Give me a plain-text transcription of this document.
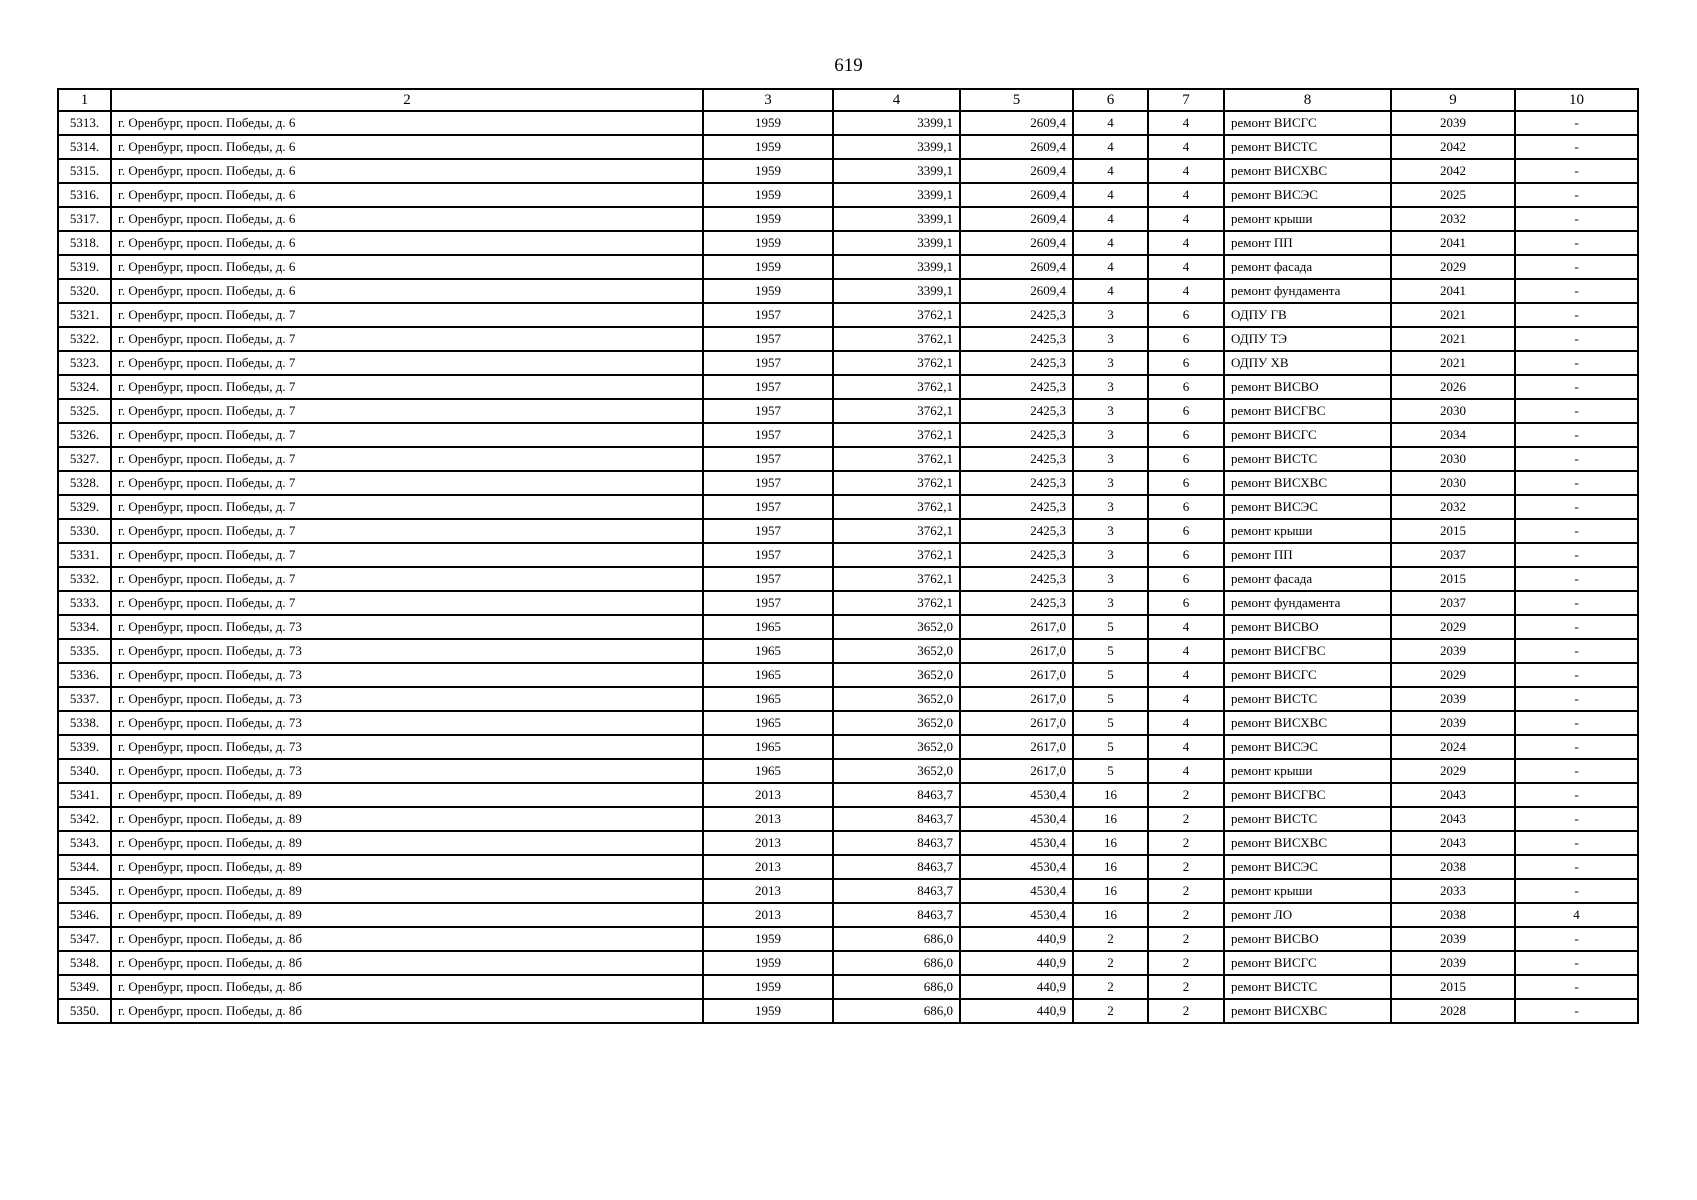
619
1	2	3	4	5	6	7	8	9	10
5313.	г. Оренбург, просп. Победы, д. 6	1959	3399,1	2609,4	4	4	ремонт ВИСГС	2039	-
5314.	г. Оренбург, просп. Победы, д. 6	1959	3399,1	2609,4	4	4	ремонт ВИСТС	2042	-
5315.	г. Оренбург, просп. Победы, д. 6	1959	3399,1	2609,4	4	4	ремонт ВИСХВС	2042	-
5316.	г. Оренбург, просп. Победы, д. 6	1959	3399,1	2609,4	4	4	ремонт ВИСЭС	2025	-
5317.	г. Оренбург, просп. Победы, д. 6	1959	3399,1	2609,4	4	4	ремонт крыши	2032	-
5318.	г. Оренбург, просп. Победы, д. 6	1959	3399,1	2609,4	4	4	ремонт ПП	2041	-
5319.	г. Оренбург, просп. Победы, д. 6	1959	3399,1	2609,4	4	4	ремонт фасада	2029	-
5320.	г. Оренбург, просп. Победы, д. 6	1959	3399,1	2609,4	4	4	ремонт фундамента	2041	-
5321.	г. Оренбург, просп. Победы, д. 7	1957	3762,1	2425,3	3	6	ОДПУ ГВ	2021	-
5322.	г. Оренбург, просп. Победы, д. 7	1957	3762,1	2425,3	3	6	ОДПУ ТЭ	2021	-
5323.	г. Оренбург, просп. Победы, д. 7	1957	3762,1	2425,3	3	6	ОДПУ ХВ	2021	-
5324.	г. Оренбург, просп. Победы, д. 7	1957	3762,1	2425,3	3	6	ремонт ВИСВО	2026	-
5325.	г. Оренбург, просп. Победы, д. 7	1957	3762,1	2425,3	3	6	ремонт ВИСГВС	2030	-
5326.	г. Оренбург, просп. Победы, д. 7	1957	3762,1	2425,3	3	6	ремонт ВИСГС	2034	-
5327.	г. Оренбург, просп. Победы, д. 7	1957	3762,1	2425,3	3	6	ремонт ВИСТС	2030	-
5328.	г. Оренбург, просп. Победы, д. 7	1957	3762,1	2425,3	3	6	ремонт ВИСХВС	2030	-
5329.	г. Оренбург, просп. Победы, д. 7	1957	3762,1	2425,3	3	6	ремонт ВИСЭС	2032	-
5330.	г. Оренбург, просп. Победы, д. 7	1957	3762,1	2425,3	3	6	ремонт крыши	2015	-
5331.	г. Оренбург, просп. Победы, д. 7	1957	3762,1	2425,3	3	6	ремонт ПП	2037	-
5332.	г. Оренбург, просп. Победы, д. 7	1957	3762,1	2425,3	3	6	ремонт фасада	2015	-
5333.	г. Оренбург, просп. Победы, д. 7	1957	3762,1	2425,3	3	6	ремонт фундамента	2037	-
5334.	г. Оренбург, просп. Победы, д. 73	1965	3652,0	2617,0	5	4	ремонт ВИСВО	2029	-
5335.	г. Оренбург, просп. Победы, д. 73	1965	3652,0	2617,0	5	4	ремонт ВИСГВС	2039	-
5336.	г. Оренбург, просп. Победы, д. 73	1965	3652,0	2617,0	5	4	ремонт ВИСГС	2029	-
5337.	г. Оренбург, просп. Победы, д. 73	1965	3652,0	2617,0	5	4	ремонт ВИСТС	2039	-
5338.	г. Оренбург, просп. Победы, д. 73	1965	3652,0	2617,0	5	4	ремонт ВИСХВС	2039	-
5339.	г. Оренбург, просп. Победы, д. 73	1965	3652,0	2617,0	5	4	ремонт ВИСЭС	2024	-
5340.	г. Оренбург, просп. Победы, д. 73	1965	3652,0	2617,0	5	4	ремонт крыши	2029	-
5341.	г. Оренбург, просп. Победы, д. 89	2013	8463,7	4530,4	16	2	ремонт ВИСГВС	2043	-
5342.	г. Оренбург, просп. Победы, д. 89	2013	8463,7	4530,4	16	2	ремонт ВИСТС	2043	-
5343.	г. Оренбург, просп. Победы, д. 89	2013	8463,7	4530,4	16	2	ремонт ВИСХВС	2043	-
5344.	г. Оренбург, просп. Победы, д. 89	2013	8463,7	4530,4	16	2	ремонт ВИСЭС	2038	-
5345.	г. Оренбург, просп. Победы, д. 89	2013	8463,7	4530,4	16	2	ремонт крыши	2033	-
5346.	г. Оренбург, просп. Победы, д. 89	2013	8463,7	4530,4	16	2	ремонт ЛО	2038	4
5347.	г. Оренбург, просп. Победы, д. 8б	1959	686,0	440,9	2	2	ремонт ВИСВО	2039	-
5348.	г. Оренбург, просп. Победы, д. 8б	1959	686,0	440,9	2	2	ремонт ВИСГС	2039	-
5349.	г. Оренбург, просп. Победы, д. 8б	1959	686,0	440,9	2	2	ремонт ВИСТС	2015	-
5350.	г. Оренбург, просп. Победы, д. 8б	1959	686,0	440,9	2	2	ремонт ВИСХВС	2028	-
